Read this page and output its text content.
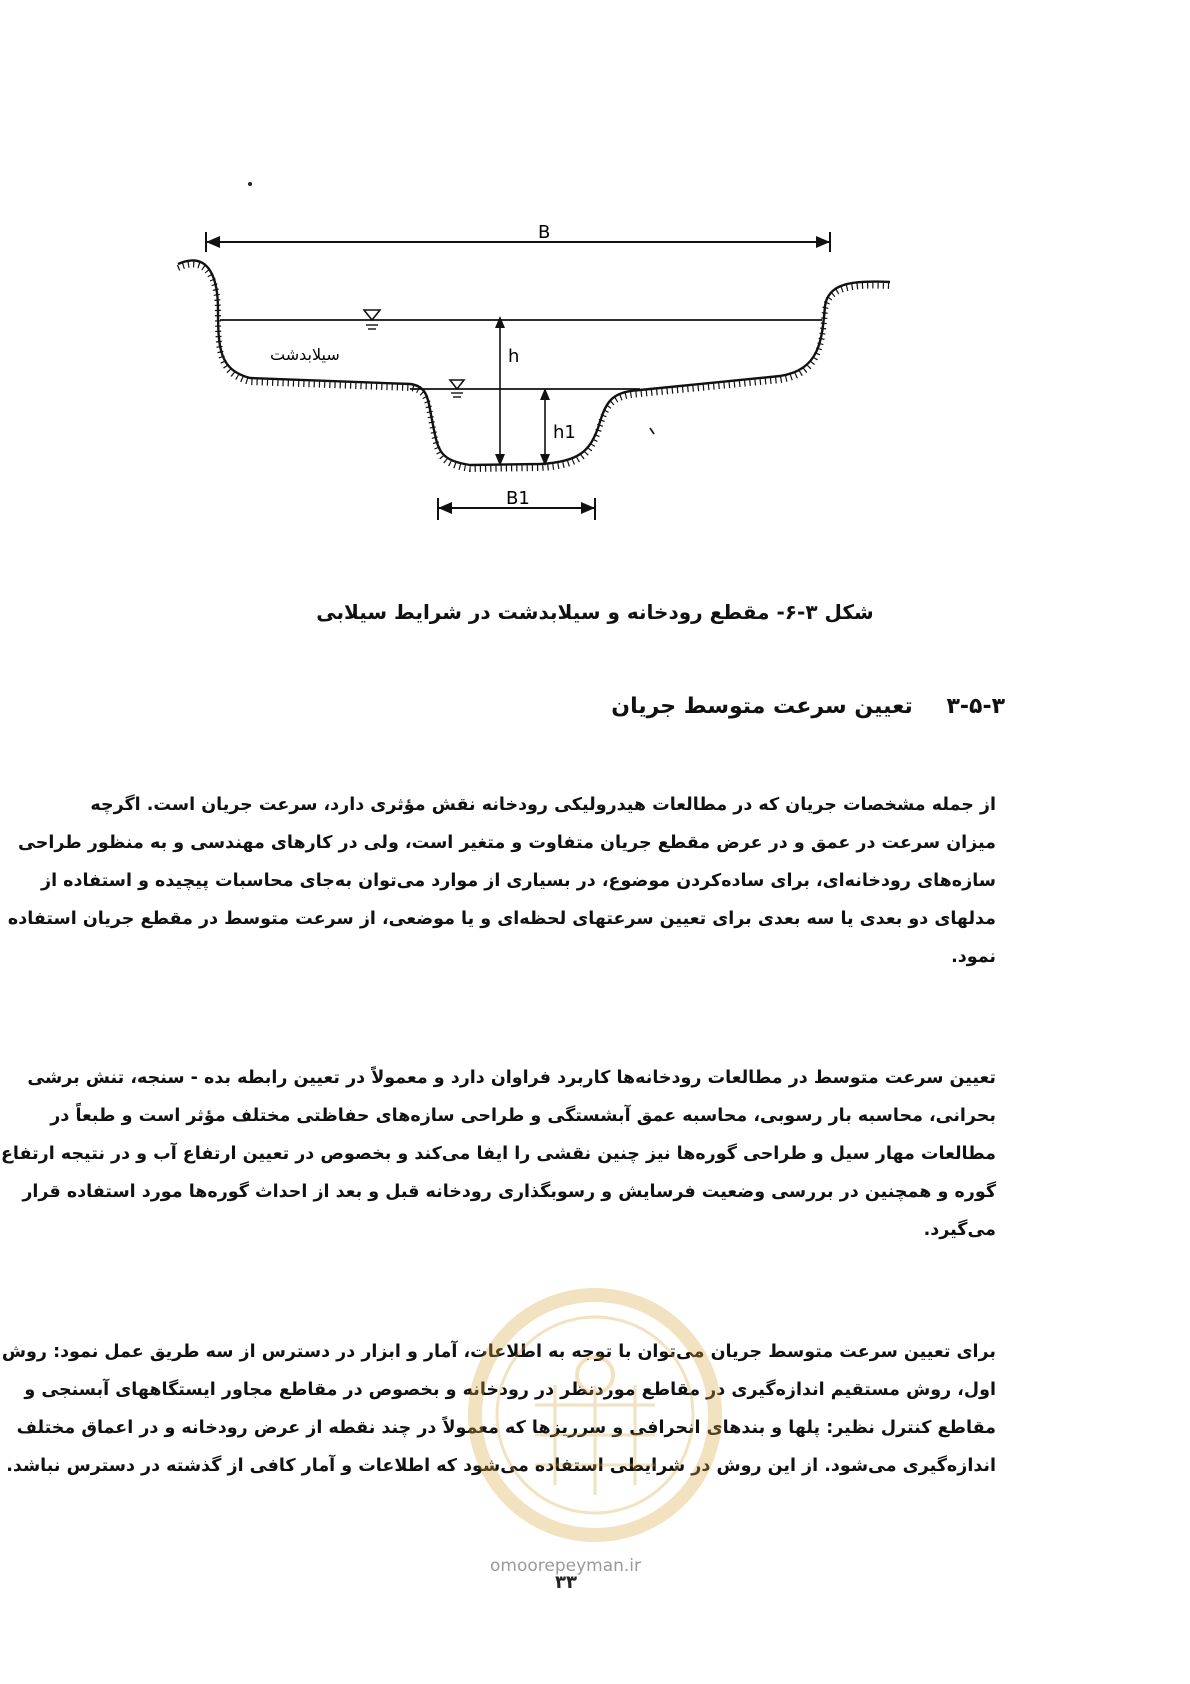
B
h
h1
سیلابدشت
B1
شکل ۳-۶- مقطع رودخانه و سیلابدشت در شرایط سیلابی
۳-۵-۳ تعیین سرعت متوسط جریان
از جمله مشخصات جریان که در مطالعات هیدرولیکی رودخانه نقش مؤثری دارد، سرعت جریان است. اگرچه
میزان سرعت در عمق و در عرض مقطع جریان متفاوت و متغیر است، ولی در کارهای مهندسی و به منظور طراحی
سازه‌های رودخانه‌ای، برای ساده‌کردن موضوع، در بسیاری از موارد می‌توان به‌جای محاسبات پیچیده و استفاده از
مدلهای دو بعدی یا سه بعدی برای تعیین سرعتهای لحظه‌ای و یا موضعی، از سرعت متوسط در مقطع جریان استفاده
نمود.
تعیین سرعت متوسط در مطالعات رودخانه‌ها کاربرد فراوان دارد و معمولاً در تعیین رابطه بده - سنجه، تنش برشی
بحرانی، محاسبه بار رسوبی، محاسبه عمق آبشستگی و طراحی سازه‌های حفاظتی مختلف مؤثر است و طبعاً در
مطالعات مهار سیل و طراحی گوره‌ها نیز چنین نقشی را ایفا می‌کند و بخصوص در تعیین ارتفاع آب و در نتیجه ارتفاع
گوره و همچنین در بررسی وضعیت فرسایش و رسوبگذاری رودخانه قبل و بعد از احداث گوره‌ها مورد استفاده قرار
می‌گیرد.
برای تعیین سرعت متوسط جریان می‌توان با توجه به اطلاعات، آمار و ابزار در دسترس از سه طریق عمل نمود: روش
اول، روش مستقیم اندازه‌گیری در مقاطع موردنظر در رودخانه و بخصوص در مقاطع مجاور ایستگاههای آبسنجی و
مقاطع کنترل نظیر: پلها و بندهای انحرافی و سرریزها که معمولاً در چند نقطه از عرض رودخانه و در اعماق مختلف
اندازه‌گیری می‌شود. از این روش در شرایطی استفاده می‌شود که اطلاعات و آمار کافی از گذشته در دسترس نباشد.
omoorepeyman.ir
۳۳
